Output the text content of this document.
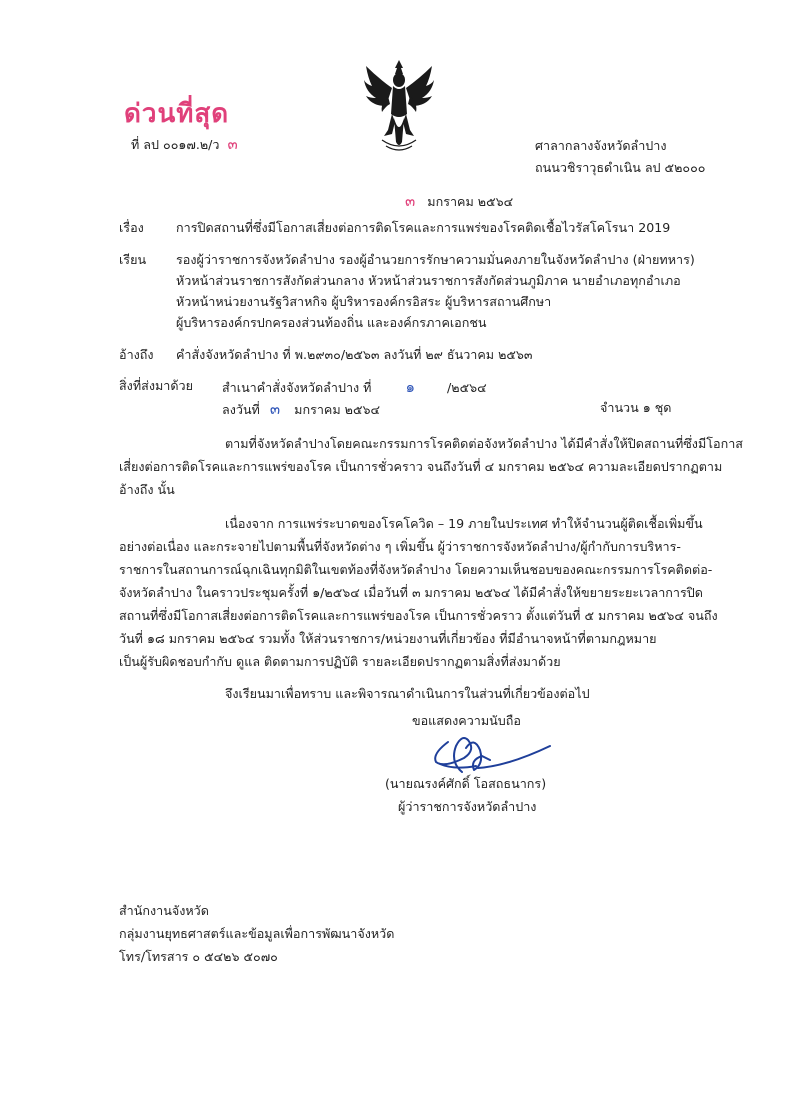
ด่วนที่สุด
ที่ ลป ๐๐๑๗.๒/ว ๓	ศาลากลางจังหวัดลำปาง
ถนนวชิราวุธดำเนิน ลป ๕๒๐๐๐
๓ มกราคม ๒๕๖๔
เรื่อง	การปิดสถานที่ซึ่งมีโอกาสเสี่ยงต่อการติดโรคและการแพร่ของโรคติดเชื้อไวรัสโคโรนา 2019
เรียน รองผู้ว่าราชการจังหวัดลำปาง รองผู้อำนวยการรักษาความมั่นคงภายในจังหวัดลำปาง (ฝ่ายทหาร)
หัวหน้าส่วนราชการสังกัดส่วนกลาง หัวหน้าส่วนราชการสังกัดส่วนภูมิภาค นายอำเภอทุกอำเภอ
หัวหน้าหน่วยงานรัฐวิสาหกิจ ผู้บริหารองค์กรอิสระ ผู้บริหารสถานศึกษา
ผู้บริหารองค์กรปกครองส่วนท้องถิ่น และองค์กรภาคเอกชน
อ้างถึง คำสั่งจังหวัดลำปาง ที่ พ.๒๙๓๐/๒๕๖๓ ลงวันที่ ๒๙ ธันวาคม ๒๕๖๓
สิ่งที่ส่งมาด้วย สำเนาคำสั่งจังหวัดลำปาง ที่ ๑	/๒๕๖๔
ลงวันที่ ๓ มกราคม ๒๕๖๔	จำนวน ๑ ชุด
ตามที่จังหวัดลำปางโดยคณะกรรมการโรคติดต่อจังหวัดลำปาง ได้มีคำสั่งให้ปิดสถานที่ซึ่งมีโอกาส
เสี่ยงต่อการติดโรคและการแพร่ของโรค เป็นการชั่วคราว จนถึงวันที่ ๔ มกราคม ๒๕๖๔ ความละเอียดปรากฏตาม
อ้างถึง นั้น
เนื่องจาก การแพร่ระบาดของโรคโควิด – 19 ภายในประเทศ ทำให้จำนวนผู้ติดเชื้อเพิ่มขึ้น
อย่างต่อเนื่อง และกระจายไปตามพื้นที่จังหวัดต่าง ๆ เพิ่มขึ้น ผู้ว่าราชการจังหวัดลำปาง/ผู้กำกับการบริหาร-
ราชการในสถานการณ์ฉุกเฉินทุกมิติในเขตท้องที่จังหวัดลำปาง โดยความเห็นชอบของคณะกรรมการโรคติดต่อ-
จังหวัดลำปาง ในคราวประชุมครั้งที่ ๑/๒๕๖๔ เมื่อวันที่ ๓ มกราคม ๒๕๖๔ ได้มีคำสั่งให้ขยายระยะเวลาการปิด
สถานที่ซึ่งมีโอกาสเสี่ยงต่อการติดโรคและการแพร่ของโรค เป็นการชั่วคราว ตั้งแต่วันที่ ๕ มกราคม ๒๕๖๔ จนถึง
วันที่ ๑๘ มกราคม ๒๕๖๔ รวมทั้ง ให้ส่วนราชการ/หน่วยงานที่เกี่ยวข้อง ที่มีอำนาจหน้าที่ตามกฎหมาย
เป็นผู้รับผิดชอบกำกับ ดูแล ติดตามการปฏิบัติ รายละเอียดปรากฏตามสิ่งที่ส่งมาด้วย
จึงเรียนมาเพื่อทราบ และพิจารณาดำเนินการในส่วนที่เกี่ยวข้องต่อไป
ขอแสดงความนับถือ
(นายณรงค์ศักดิ์ โอสถธนากร)
ผู้ว่าราชการจังหวัดลำปาง
สำนักงานจังหวัด
กลุ่มงานยุทธศาสตร์และข้อมูลเพื่อการพัฒนาจังหวัด
โทร/โทรสาร ๐ ๕๔๒๖ ๕๐๗๐
